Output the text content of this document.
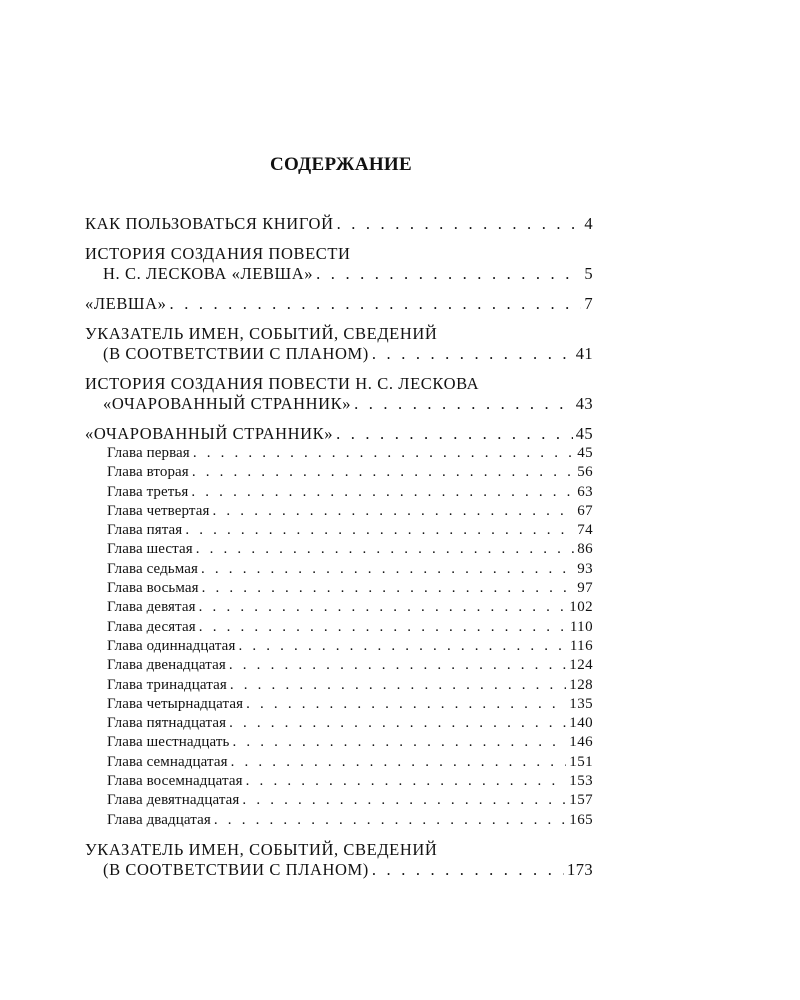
СОДЕРЖАНИЕ
КАК ПОЛЬЗОВАТЬСЯ КНИГОЙ . . .	4
ИСТОРИЯ СОЗДАНИЯ ПОВЕСТИ
Н. С. ЛЕСКОВА «ЛЕВША» . . .	5
«ЛЕВША» . . .	7
УКАЗАТЕЛЬ ИМЕН, СОБЫТИЙ, СВЕДЕНИЙ
(В СООТВЕТСТВИИ С ПЛАНОМ) . . .	41
ИСТОРИЯ СОЗДАНИЯ ПОВЕСТИ Н. С. ЛЕСКОВА
«ОЧАРОВАННЫЙ СТРАННИК» . . .	43
«ОЧАРОВАННЫЙ СТРАННИК» . . .	45
Глава первая . . .	45
Глава вторая . . .	56
Глава третья . . .	63
Глава четвертая . . .	67
Глава пятая . . .	74
Глава шестая . . .	86
Глава седьмая . . .	93
Глава восьмая . . .	97
Глава девятая . . .	102
Глава десятая . . .	110
Глава одиннадцатая . . .	116
Глава двенадцатая . . .	124
Глава тринадцатая . . .	128
Глава четырнадцатая . . .	135
Глава пятнадцатая . . .	140
Глава шестнадцать . . .	146
Глава семнадцатая . . .	151
Глава восемнадцатая . . .	153
Глава девятнадцатая . . .	157
Глава двадцатая . . .	165
УКАЗАТЕЛЬ ИМЕН, СОБЫТИЙ, СВЕДЕНИЙ
(В СООТВЕТСТВИИ С ПЛАНОМ) . . .	173
